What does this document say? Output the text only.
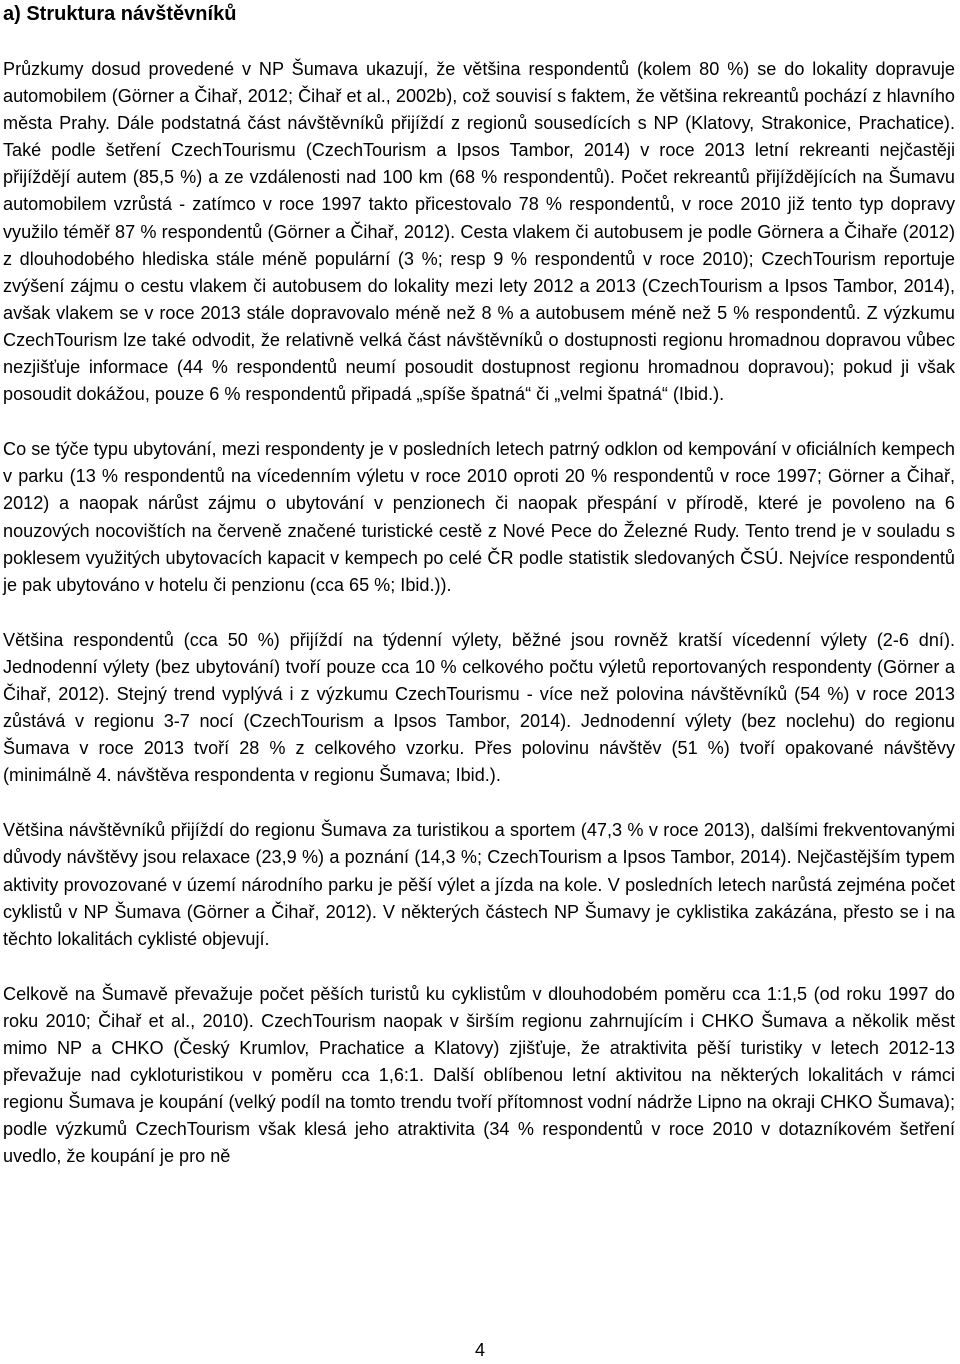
a) Struktura návštěvníků

Průzkumy dosud provedené v NP Šumava ukazují, že většina respondentů (kolem 80 %) se do lokality dopravuje automobilem (Görner a Čihař, 2012; Čihař et al., 2002b), což souvisí s faktem, že většina rekreantů pochází z hlavního města Prahy. Dále podstatná část návštěvníků přijíždí z regionů sousedících s NP (Klatovy, Strakonice, Prachatice). Také podle šetření CzechTourismu (CzechTourism a Ipsos Tambor, 2014) v roce 2013 letní rekreanti nejčastěji přijíždějí autem (85,5 %) a ze vzdálenosti nad 100 km (68 % respondentů). Počet rekreantů přijíždějících na Šumavu automobilem vzrůstá - zatímco v roce 1997 takto přicestovalo 78 % respondentů, v roce 2010 již tento typ dopravy využilo téměř 87 % respondentů (Görner a Čihař, 2012). Cesta vlakem či autobusem je podle Görnera a Čihaře (2012) z dlouhodobého hlediska stále méně populární (3 %; resp 9 % respondentů v roce 2010); CzechTourism reportuje zvýšení zájmu o cestu vlakem či autobusem do lokality mezi lety 2012 a 2013 (CzechTourism a Ipsos Tambor, 2014), avšak vlakem se v roce 2013 stále dopravovalo méně než 8 % a autobusem méně než 5 % respondentů. Z výzkumu CzechTourism lze také odvodit, že relativně velká část návštěvníků o dostupnosti regionu hromadnou dopravou vůbec nezjišťuje informace (44 % respondentů neumí posoudit dostupnost regionu hromadnou dopravou); pokud ji však posoudit dokážou, pouze 6 % respondentů připadá „spíše špatná“ či „velmi špatná“ (Ibid.).

Co se týče typu ubytování, mezi respondenty je v posledních letech patrný odklon od kempování v oficiálních kempech v parku (13 % respondentů na vícedenním výletu v roce 2010 oproti 20 % respondentů v roce 1997; Görner a Čihař, 2012) a naopak nárůst zájmu o ubytování v penzionech či naopak přespání v přírodě, které je povoleno na 6 nouzových nocovištích na červeně značené turistické cestě z Nové Pece do Železné Rudy. Tento trend je v souladu s poklesem využitých ubytovacích kapacit v kempech po celé ČR podle statistik sledovaných ČSÚ. Nejvíce respondentů je pak ubytováno v hotelu či penzionu (cca 65 %; Ibid.)).

Většina respondentů (cca 50 %) přijíždí na týdenní výlety, běžné jsou rovněž kratší vícedenní výlety (2-6 dní). Jednodenní výlety (bez ubytování) tvoří pouze cca 10 % celkového počtu výletů reportovaných respondenty (Görner a Čihař, 2012). Stejný trend vyplývá i z výzkumu CzechTourismu - více než polovina návštěvníků (54 %) v roce 2013 zůstává v regionu 3-7 nocí (CzechTourism a Ipsos Tambor, 2014). Jednodenní výlety (bez noclehu) do regionu Šumava v roce 2013 tvoří 28 % z celkového vzorku. Přes polovinu návštěv (51 %) tvoří opakované návštěvy (minimálně 4. návštěva respondenta v regionu Šumava; Ibid.).

Většina návštěvníků přijíždí do regionu Šumava za turistikou a sportem (47,3 % v roce 2013), dalšími frekventovanými důvody návštěvy jsou relaxace (23,9 %) a poznání (14,3 %; CzechTourism a Ipsos Tambor, 2014). Nejčastějším typem aktivity provozované v území národního parku je pěší výlet a jízda na kole. V posledních letech narůstá zejména počet cyklistů v NP Šumava (Görner a Čihař, 2012). V některých částech NP Šumavy je cyklistika zakázána, přesto se i na těchto lokalitách cyklisté objevují.

Celkově na Šumavě převažuje počet pěších turistů ku cyklistům v dlouhodobém poměru cca 1:1,5 (od roku 1997 do roku 2010; Čihař et al., 2010). CzechTourism naopak v širším regionu zahrnujícím i CHKO Šumava a několik měst mimo NP a CHKO (Český Krumlov, Prachatice a Klatovy) zjišťuje, že atraktivita pěší turistiky v letech 2012-13 převažuje nad cykloturistikou v poměru cca 1,6:1. Další oblíbenou letní aktivitou na některých lokalitách v rámci regionu Šumava je koupání (velký podíl na tomto trendu tvoří přítomnost vodní nádrže Lipno na okraji CHKO Šumava); podle výzkumů CzechTourism však klesá jeho atraktivita (34 % respondentů v roce 2010 v dotazníkovém šetření uvedlo, že koupání je pro ně

4
